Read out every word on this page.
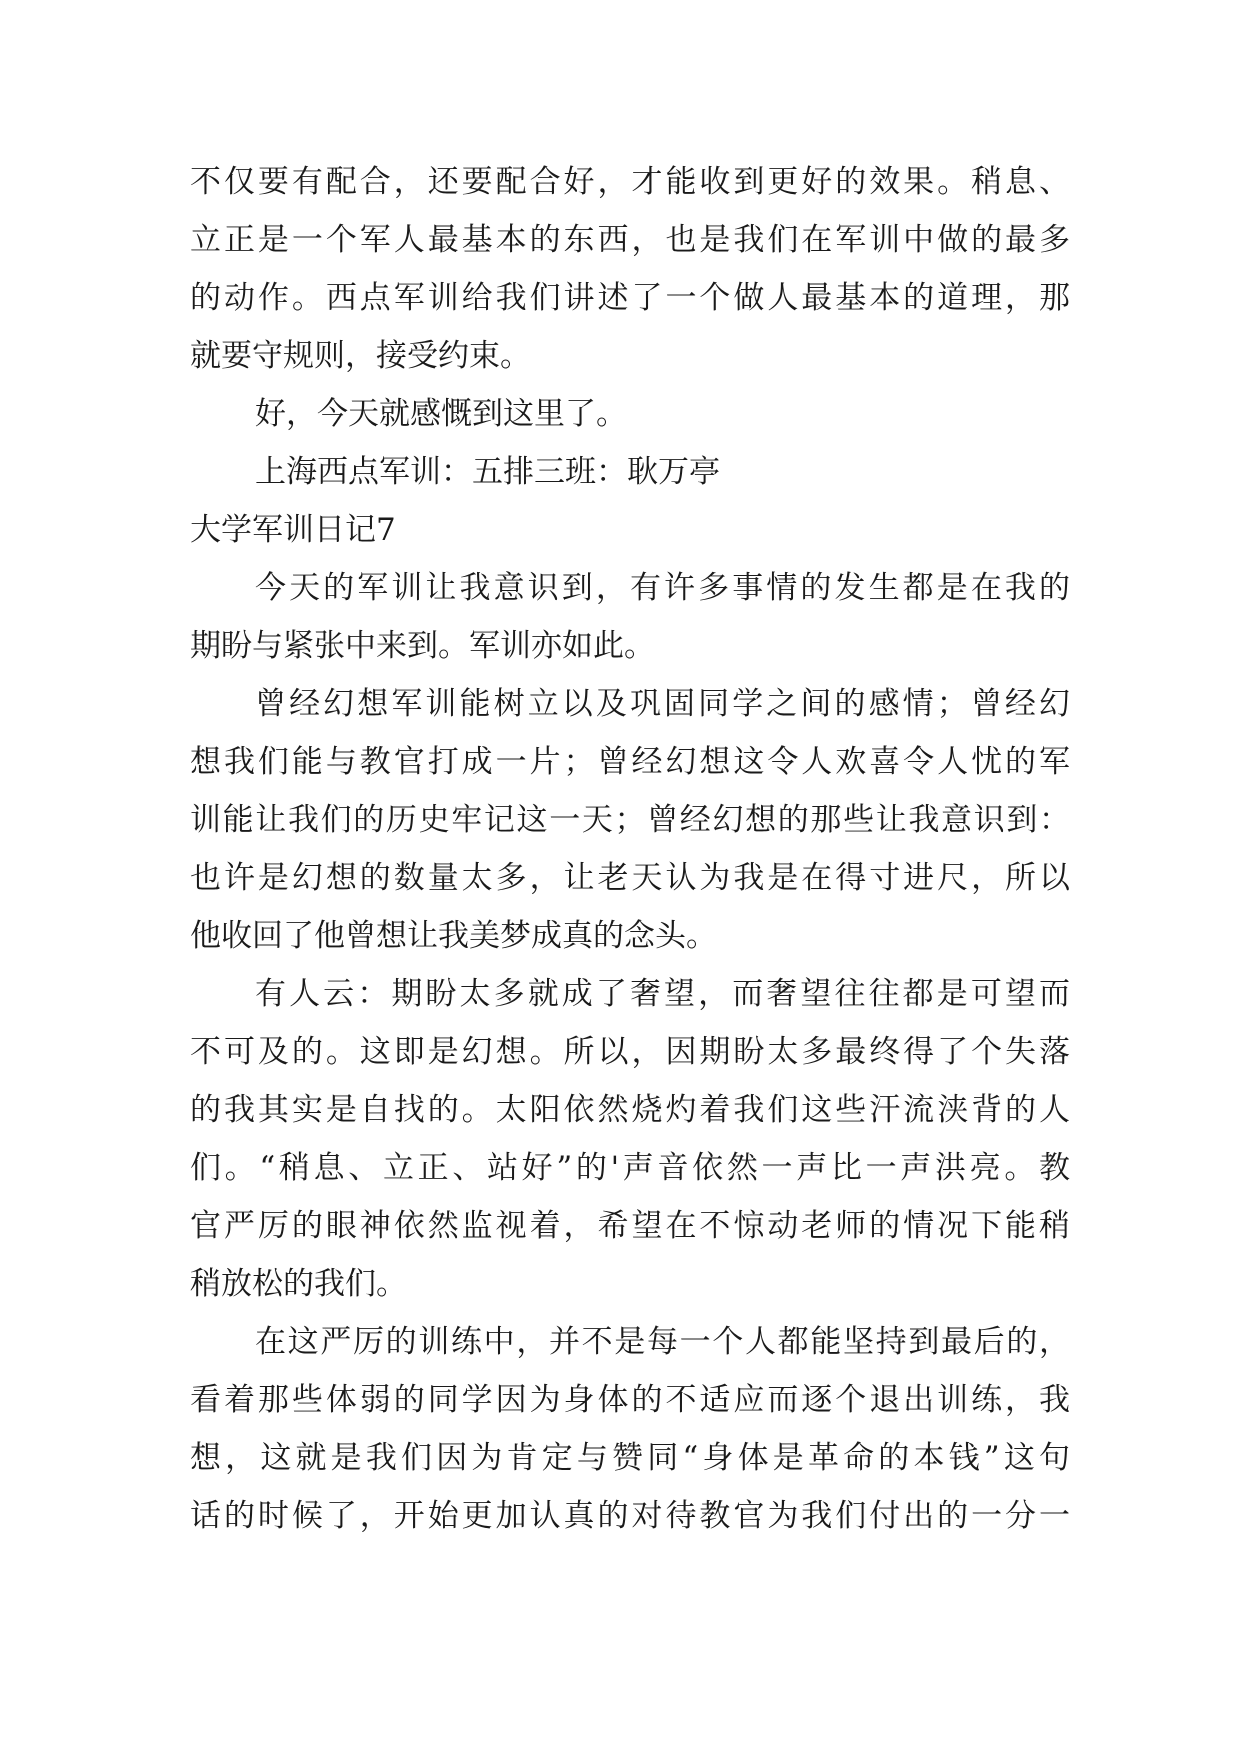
不仅要有配合，还要配合好，才能收到更好的效果。稍息、
立正是一个军人最基本的东西，也是我们在军训中做的最多
的动作。西点军训给我们讲述了一个做人最基本的道理，那
就要守规则，接受约束。
好，今天就感慨到这里了。
上海西点军训：五排三班：耿万亭
大学军训日记7
今天的军训让我意识到，有许多事情的发生都是在我的
期盼与紧张中来到。军训亦如此。
曾经幻想军训能树立以及巩固同学之间的感情；曾经幻
想我们能与教官打成一片；曾经幻想这令人欢喜令人忧的军
训能让我们的历史牢记这一天；曾经幻想的那些让我意识到：
也许是幻想的数量太多，让老天认为我是在得寸进尺，所以
他收回了他曾想让我美梦成真的念头。
有人云：期盼太多就成了奢望，而奢望往往都是可望而
不可及的。这即是幻想。所以，因期盼太多最终得了个失落
的我其实是自找的。太阳依然烧灼着我们这些汗流浃背的人
们。“稍息、立正、站好”的'声音依然一声比一声洪亮。教
官严厉的眼神依然监视着，希望在不惊动老师的情况下能稍
稍放松的我们。
在这严厉的训练中，并不是每一个人都能坚持到最后的，
看着那些体弱的同学因为身体的不适应而逐个退出训练，我
想，这就是我们因为肯定与赞同“身体是革命的本钱”这句
话的时候了，开始更加认真的对待教官为我们付出的一分一
